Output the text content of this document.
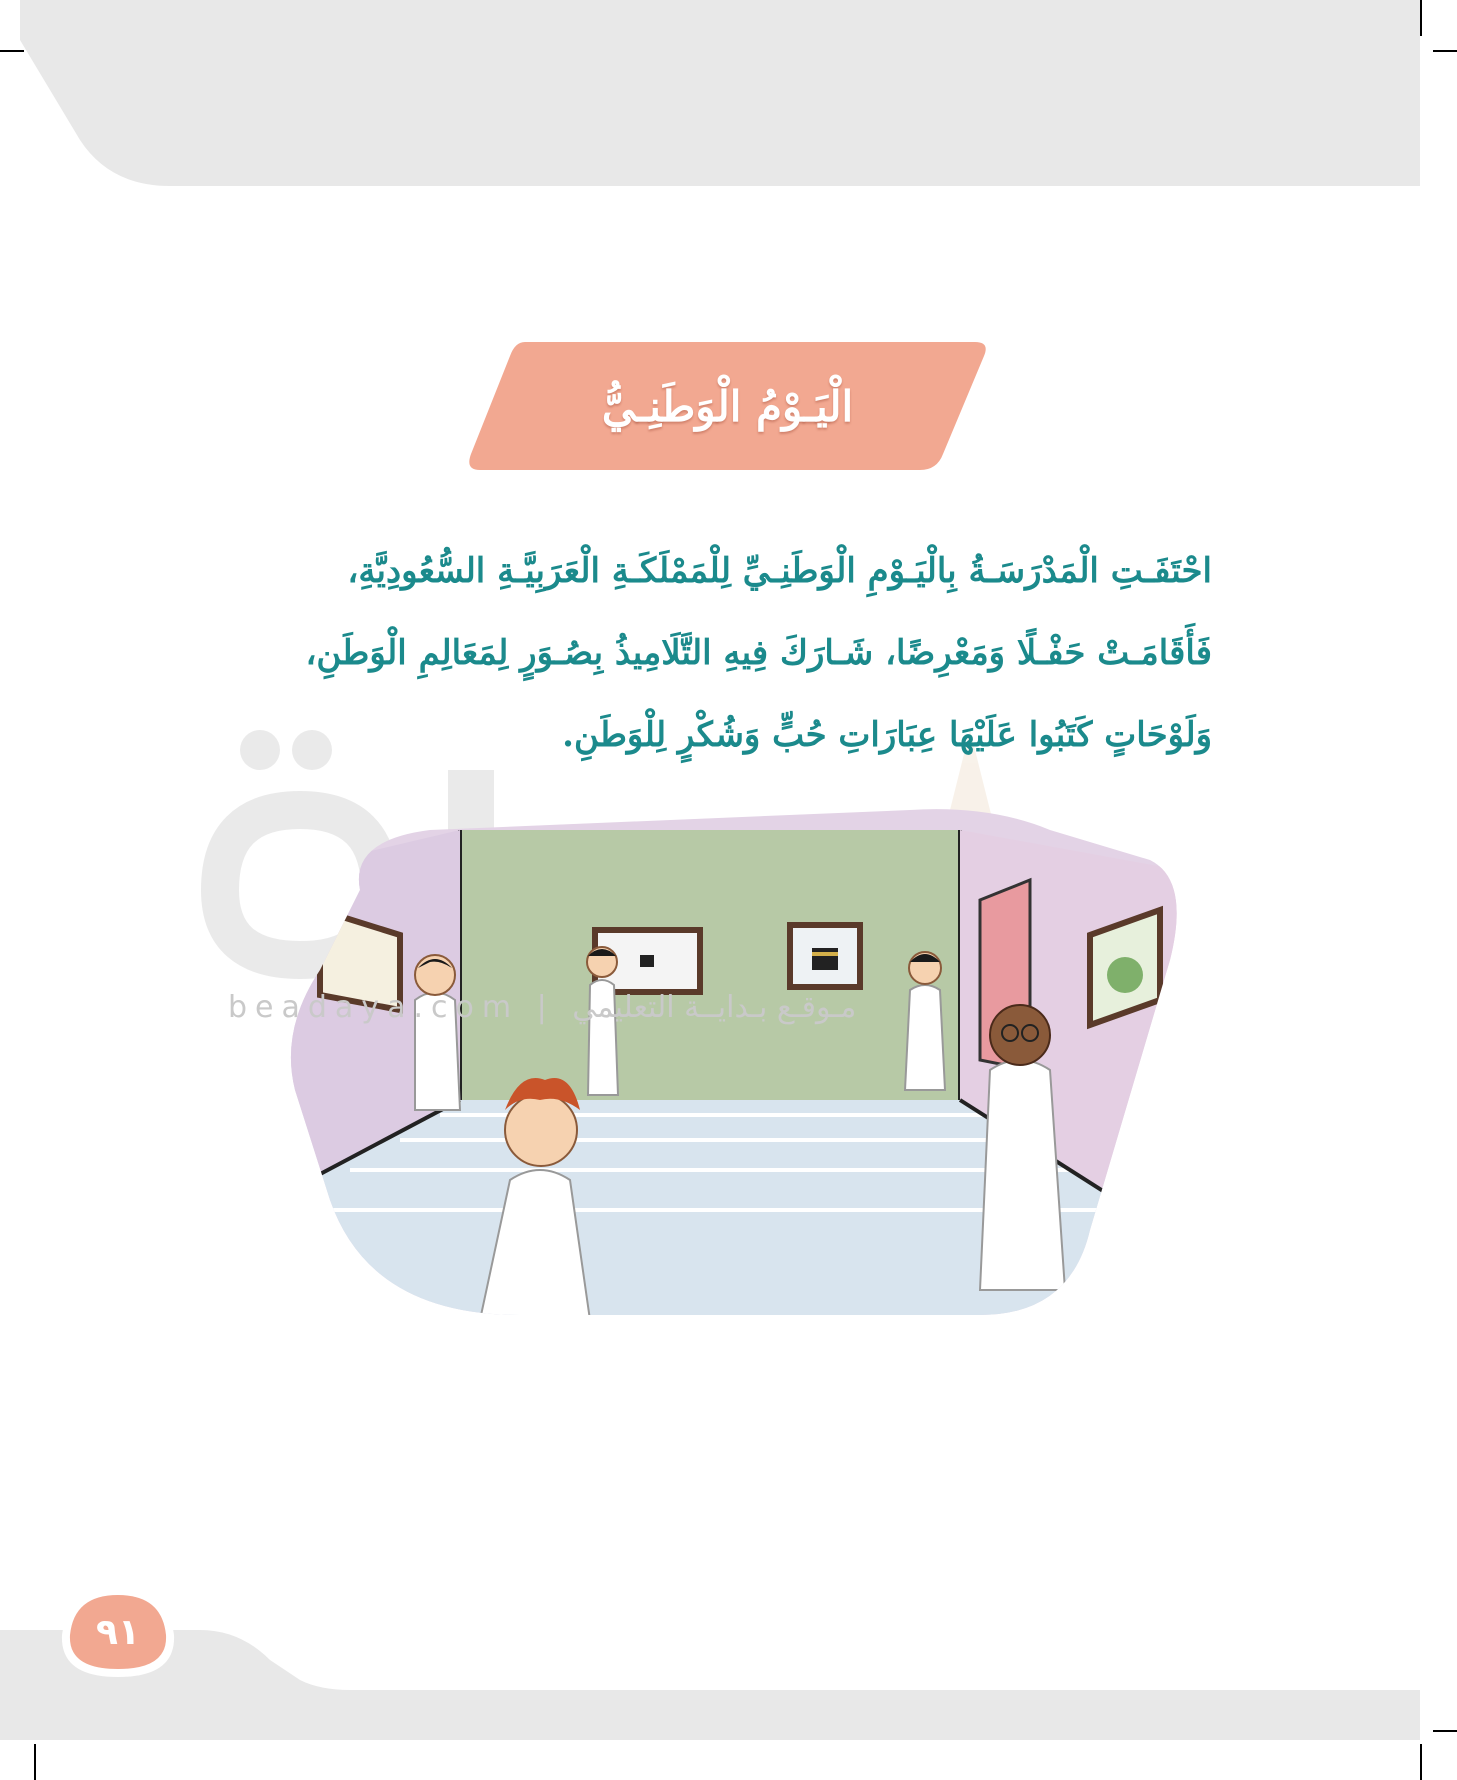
الْيَـوْمُ الْوَطَنِـيُّ
احْتَفَـتِ الْمَدْرَسَـةُ بِالْيَـوْمِ الْوَطَنِـيِّ لِلْمَمْلَكَـةِ الْعَرَبِيَّـةِ السُّعُودِيَّةِ،
فَأَقَامَـتْ حَفْـلًا وَمَعْرِضًا، شَـارَكَ فِيهِ التَّلَامِيذُ بِصُـوَرٍ لِمَعَالِمِ الْوَطَنِ،
وَلَوْحَاتٍ كَتَبُوا عَلَيْهَا عِبَارَاتِ حُبٍّ وَشُكْرٍ لِلْوَطَنِ.
beadaya.com | مـوقـع بـدايــة التعليمي
٩١
